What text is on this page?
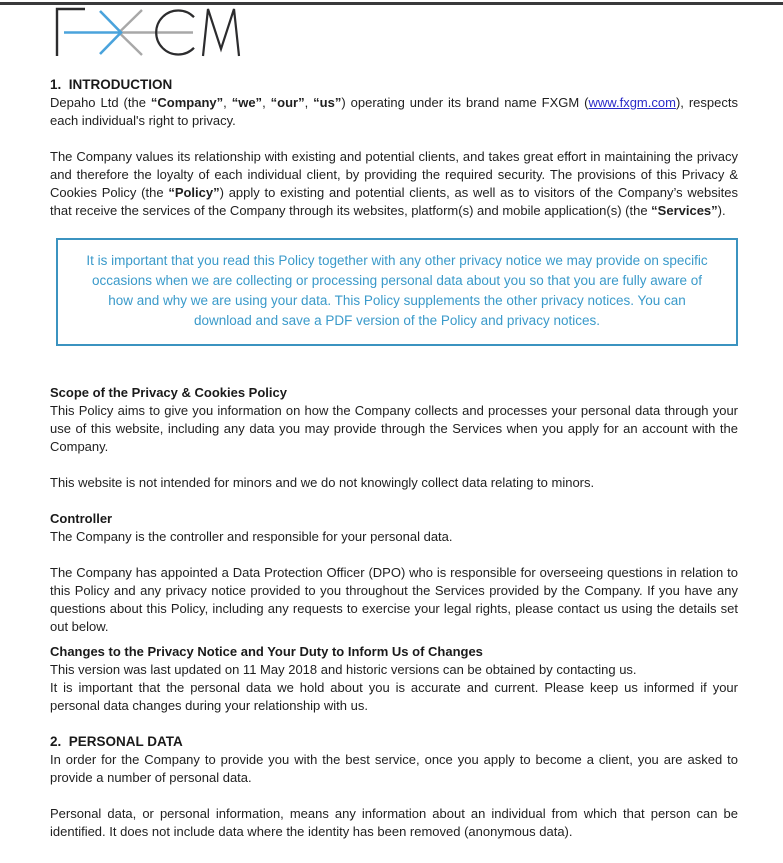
1.  INTRODUCTION

Depaho Ltd (the “Company”, “we”, “our”, “us”) operating under its brand name FXGM (www.fxgm.com), respects each individual's right to privacy.

The Company values its relationship with existing and potential clients, and takes great effort in maintaining the privacy and therefore the loyalty of each individual client, by providing the required security. The provisions of this Privacy & Cookies Policy (the “Policy”) apply to existing and potential clients, as well as to visitors of the Company’s websites that receive the services of the Company through its websites, platform(s) and mobile application(s) (the “Services”).

It is important that you read this Policy together with any other privacy notice we may provide on specific occasions when we are collecting or processing personal data about you so that you are fully aware of how and why we are using your data. This Policy supplements the other privacy notices. You can download and save a PDF version of the Policy and privacy notices.
Scope of the Privacy & Cookies Policy

This Policy aims to give you information on how the Company collects and processes your personal data through your use of this website, including any data you may provide through the Services when you apply for an account with the Company.

This website is not intended for minors and we do not knowingly collect data relating to minors.

Controller

The Company is the controller and responsible for your personal data.

The Company has appointed a Data Protection Officer (DPO) who is responsible for overseeing questions in relation to this Policy and any privacy notice provided to you throughout the Services provided by the Company. If you have any questions about this Policy, including any requests to exercise your legal rights, please contact us using the details set out below.

Changes to the Privacy Notice and Your Duty to Inform Us of Changes

This version was last updated on 11 May 2018 and historic versions can be obtained by contacting us.

It is important that the personal data we hold about you is accurate and current. Please keep us informed if your personal data changes during your relationship with us.

2.  PERSONAL DATA

In order for the Company to provide you with the best service, once you apply to become a client, you are asked to provide a number of personal data.

Personal data, or personal information, means any information about an individual from which that person can be identified. It does not include data where the identity has been removed (anonymous data).
